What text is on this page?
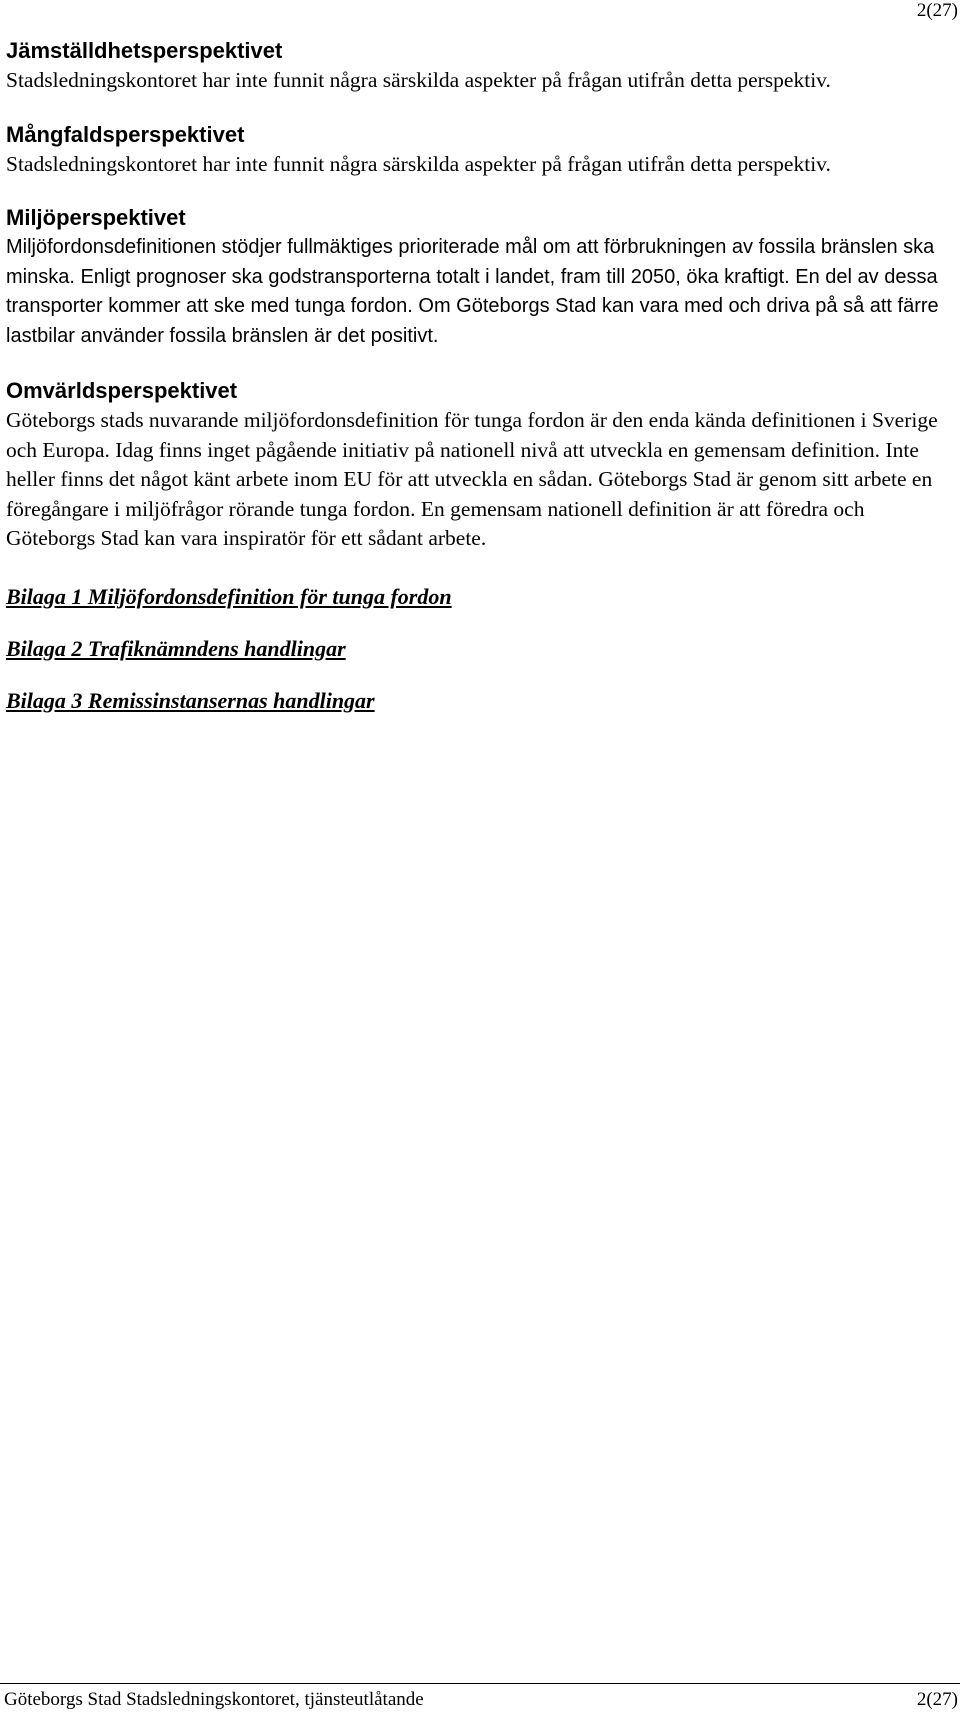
2(27)

Jämställdhetsperspektivet

Stadsledningskontoret har inte funnit några särskilda aspekter på frågan utifrån detta perspektiv.

Mångfaldsperspektivet

Stadsledningskontoret har inte funnit några särskilda aspekter på frågan utifrån detta perspektiv.

Miljöperspektivet

Miljöfordonsdefinitionen stödjer fullmäktiges prioriterade mål om att förbrukningen av fossila bränslen ska minska. Enligt prognoser ska godstransporterna totalt i landet, fram till 2050, öka kraftigt. En del av dessa transporter kommer att ske med tunga fordon. Om Göteborgs Stad kan vara med och driva på så att färre lastbilar använder fossila bränslen är det positivt.

Omvärldsperspektivet

Göteborgs stads nuvarande miljöfordonsdefinition för tunga fordon är den enda kända definitionen i Sverige och Europa. Idag finns inget pågående initiativ på nationell nivå att utveckla en gemensam definition. Inte heller finns det något känt arbete inom EU för att utveckla en sådan. Göteborgs Stad är genom sitt arbete en föregångare i miljöfrågor rörande tunga fordon. En gemensam nationell definition är att föredra och Göteborgs Stad kan vara inspiratör för ett sådant arbete.

Bilaga 1 Miljöfordonsdefinition för tunga fordon

Bilaga 2 Trafiknämndens handlingar

Bilaga 3 Remissinstansernas handlingar

Göteborgs Stad Stadsledningskontoret, tjänsteutlåtande	2(27)
